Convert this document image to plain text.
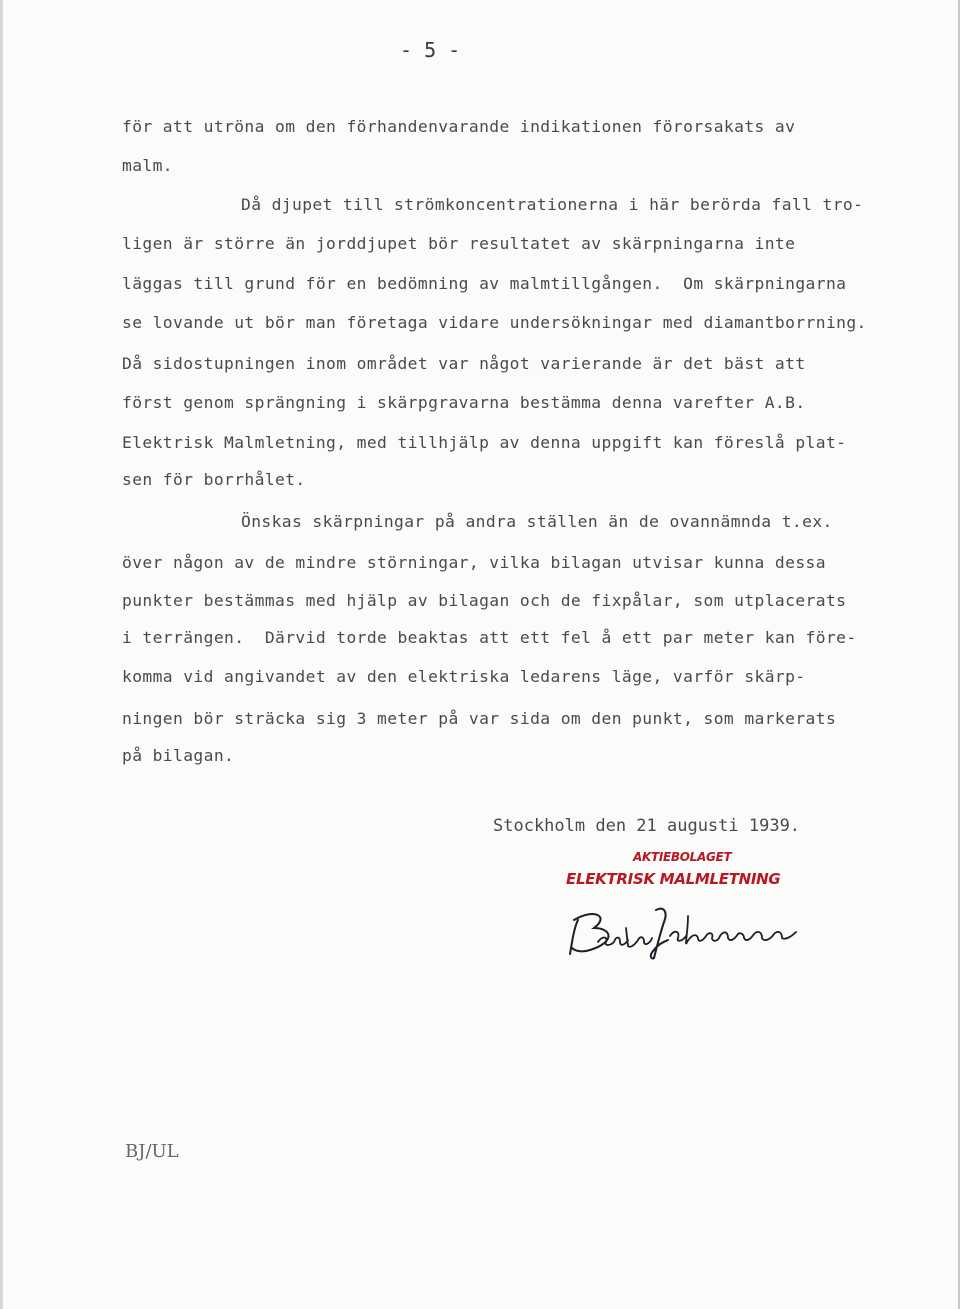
- 5 -
för att utröna om den förhandenvarande indikationen förorsakats av
malm.
Då djupet till strömkoncentrationerna i här berörda fall tro-
ligen är större än jorddjupet bör resultatet av skärpningarna inte
läggas till grund för en bedömning av malmtillgången.  Om skärpningarna
se lovande ut bör man företaga vidare undersökningar med diamantborrning.
Då sidostupningen inom området var något varierande är det bäst att
först genom sprängning i skärpgravarna bestämma denna varefter A.B.
Elektrisk Malmletning, med tillhjälp av denna uppgift kan föreslå plat-
sen för borrhålet.
Önskas skärpningar på andra ställen än de ovannämnda t.ex.
över någon av de mindre störningar, vilka bilagan utvisar kunna dessa
punkter bestämmas med hjälp av bilagan och de fixpålar, som utplacerats
i terrängen.  Därvid torde beaktas att ett fel å ett par meter kan före-
komma vid angivandet av den elektriska ledarens läge, varför skärp-
ningen bör sträcka sig 3 meter på var sida om den punkt, som markerats
på bilagan.
Stockholm den 21 augusti 1939.
AKTIEBOLAGET
ELEKTRISK MALMLETNING
BJ/UL
